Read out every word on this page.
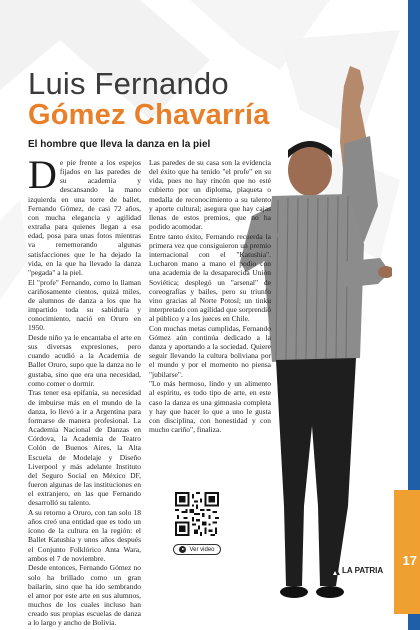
Luis Fernando
Gómez Chavarría
El hombre que lleva la danza en la piel

De pie frente a los espejos fijados en las paredes de su academia y descansando la mano izquierda en una torre de ballet, Fernando Gómez, de casi 72 años, con mucha elegancia y agilidad extraña para quienes llegan a esa edad, posa para unas fotos mientras va rememorando algunas satisfacciones que le ha dejado la vida, en la que ha llevado la danza "pegada" a la piel.

El "profe" Fernando, como lo llaman cariñosamente cientos, quizá miles, de alumnos de danza a los que ha impartido toda su sabiduría y conocimiento, nació en Oruro en 1950.

Desde niño ya le encantaba el arte en sus diversas expresiones, pero cuando acudió a la Academia de Ballet Oruro, supo que la danza no le gustaba, sino que era una necesidad, como comer o dormir.

Tras tener esa epifanía, su necesidad de imbuirse más en el mundo de la danza, lo llevó a ir a Argentina para formarse de manera profesional. La Academia Nacional de Danzas en Córdova, la Academia de Teatro Colón de Buenos Aires, la Alta Escuela de Modelaje y Diseño Liverpool y más adelante Instituto del Seguro Social en México DF, fueron algunas de las instituciones en el extranjero, en las que Fernando desarrolló su talento.

A su retorno a Oruro, con tan solo 18 años creó una entidad que es todo un ícono de la cultura en la región: el Ballet Katushia y unos años después el Conjunto Folklórico Anta Wara, ambos el 7 de noviembre.

Desde entonces, Fernando Gómez no solo ha brillado como un gran bailarín, sino que ha ido sembrando el amor por este arte en sus alumnos, muchos de los cuales incluso han creado sus propias escuelas de danza a lo largo y ancho de Bolivia.

Las paredes de su casa son la evidencia del éxito que ha tenido "el profe" en su vida, pues no hay rincón que no esté cubierto por un diploma, plaqueta o medalla de reconocimiento a su talento y aporte cultural; asegura que hay cajas llenas de estos premios, que no ha podido acomodar.

Entre tanto éxito, Fernando recuerda la primera vez que consiguieron un premio internacional con el "Katushia". Lucharon mano a mano el podio con una academia de la desaparecida Unión Soviética; desplegó un "arsenal" de coreografías y bailes, pero su triunfo vino gracias al Norte Potosí; un tinku interpretado con agilidad que sorprendió al público y a los jueces en Chile.

Con muchas metas cumplidas, Fernando Gómez aún continúa dedicado a la danza y aportando a la sociedad. Quiere seguir llevando la cultura boliviana por el mundo y por el momento no piensa "jubilarse".

"Lo más hermoso, lindo y un alimento al espíritu, es todo tipo de arte, en este caso la danza es una gimnasia completa y hay que hacer lo que a uno le gusta con disciplina, con honestidad y con mucho cariño", finaliza.

Ver video
LA PATRIA
17
